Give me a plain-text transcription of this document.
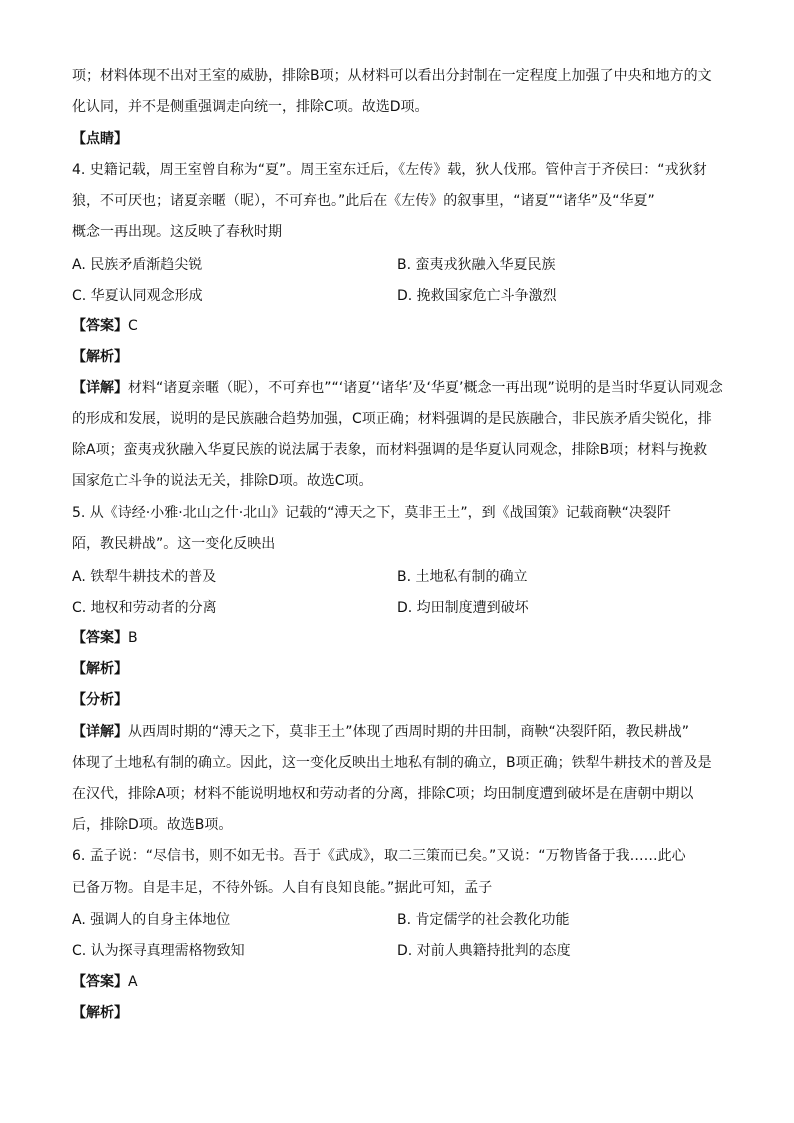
项；材料体现不出对王室的威胁，排除B项；从材料可以看出分封制在一定程度上加强了中央和地方的文
化认同，并不是侧重强调走向统一，排除C项。故选D项。
【点睛】
4. 史籍记载，周王室曾自称为“夏”。周王室东迁后，《左传》载，狄人伐邢。管仲言于齐侯曰：“戎狄豺
狼，不可厌也；诸夏亲暱（昵），不可弃也。”此后在《左传》的叙事里，“诸夏”“诸华”及“华夏”
概念一再出现。这反映了春秋时期
A. 民族矛盾渐趋尖锐	B. 蛮夷戎狄融入华夏民族
C. 华夏认同观念形成	D. 挽救国家危亡斗争激烈
【答案】C
【解析】
【详解】材料“诸夏亲暱（昵），不可弃也”“‘诸夏’‘诸华’及‘华夏’概念一再出现”说明的是当时华夏认同观念
的形成和发展，说明的是民族融合趋势加强，C项正确；材料强调的是民族融合，非民族矛盾尖锐化，排
除A项；蛮夷戎狄融入华夏民族的说法属于表象，而材料强调的是华夏认同观念，排除B项；材料与挽救
国家危亡斗争的说法无关，排除D项。故选C项。
5. 从《诗经·小雅·北山之什·北山》记载的“溥天之下，莫非王土”，到《战国策》记载商鞅“决裂阡
陌，教民耕战”。这一变化反映出
A. 铁犁牛耕技术的普及	B. 土地私有制的确立
C. 地权和劳动者的分离	D. 均田制度遭到破坏
【答案】B
【解析】
【分析】
【详解】从西周时期的“溥天之下，莫非王土”体现了西周时期的井田制，商鞅“决裂阡陌，教民耕战”
体现了土地私有制的确立。因此，这一变化反映出土地私有制的确立，B项正确；铁犁牛耕技术的普及是
在汉代，排除A项；材料不能说明地权和劳动者的分离，排除C项；均田制度遭到破坏是在唐朝中期以
后，排除D项。故选B项。
6. 孟子说：“尽信书，则不如无书。吾于《武成》，取二三策而已矣。”又说：“万物皆备于我……此心
已备万物。自是丰足，不待外铄。人自有良知良能。”据此可知，孟子
A. 强调人的自身主体地位	B. 肯定儒学的社会教化功能
C. 认为探寻真理需格物致知	D. 对前人典籍持批判的态度
【答案】A
【解析】
